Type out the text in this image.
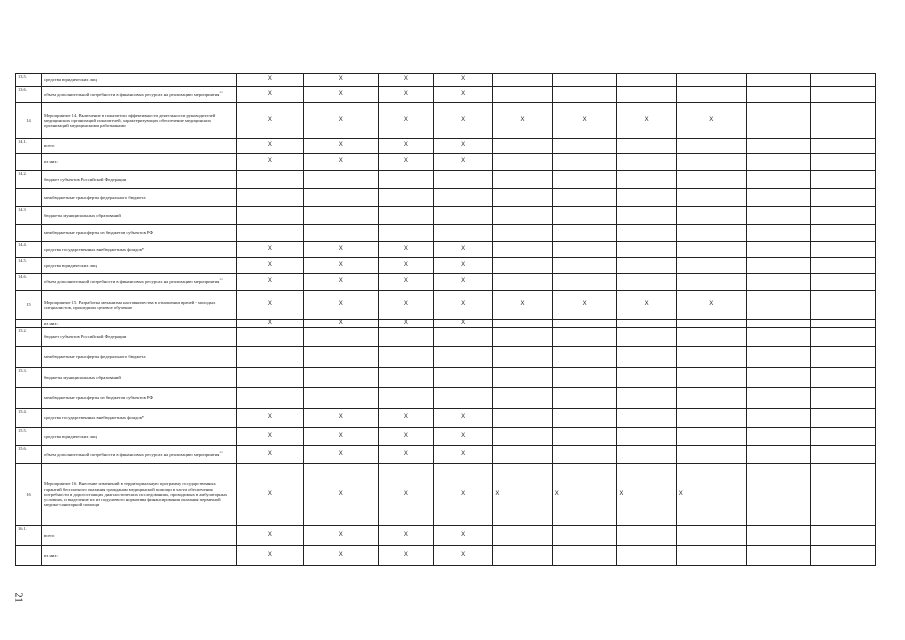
13.5.	средства юридических лиц	X	X	X	X						
13.6.	объем дополнительной потребности в финансовых ресурсах на реализацию мероприятия**	X	X	X	X						
14	Мероприятие 14. Включение в показатели эффективности деятельности руководителей медицинских организаций показателей, характеризующих обеспечение медицинских организаций медицинскими работниками	X	X	X	X	X	X	X	X		
14.1.	всего	X	X	X	X						
	из них:	X	X	X	X						
14.2.	бюджет субъектов Российской Федерации										
	межбюджетные трансферты федерального бюджета										
14.3	бюджеты муниципальных образований										
	межбюджетные трансферты из бюджетов субъектов РФ										
14.4.	средства государственных внебюджетных фондов*	X	X	X	X						
14.5.	средства юридических лиц	X	X	X	X						
14.6.	объем дополнительной потребности в финансовых ресурсах на реализацию мероприятия**	X	X	X	X						
15	Мероприятие 15. Разработка механизма наставничества в отношении врачей - молодых специалистов, прошедших целевое обучение	X	X	X	X	X	X	X	X		
	из них:	X	X	X	X						
15.2.	бюджет субъектов Российской Федерации										
	межбюджетные трансферты федерального бюджета										
15.3.	бюджеты муниципальных образований										
	межбюджетные трансферты из бюджетов субъектов РФ										
15.4.	средства государственных внебюджетных фондов*	X	X	X	X						
15.5.	средства юридических лиц	X	X	X	X						
15.6.	объем дополнительной потребности в финансовых ресурсах на реализацию мероприятия**	X	X	X	X						
16	Мероприятие 16. Внесение изменений в территориальную программу государственных гарантий бесплатного оказания гражданам медицинской помощи в части обеспечения потребности в дорогостоящих диагностических исследованиях, проводимых в амбулаторных условиях, и выделение их из подушевого норматива финансирования оказания первичной медико-санитарной помощи	X	X	X	X	X	X	X	X		
16.1.	всего	X	X	X	X						
	из них:	X	X	X	X						
21
